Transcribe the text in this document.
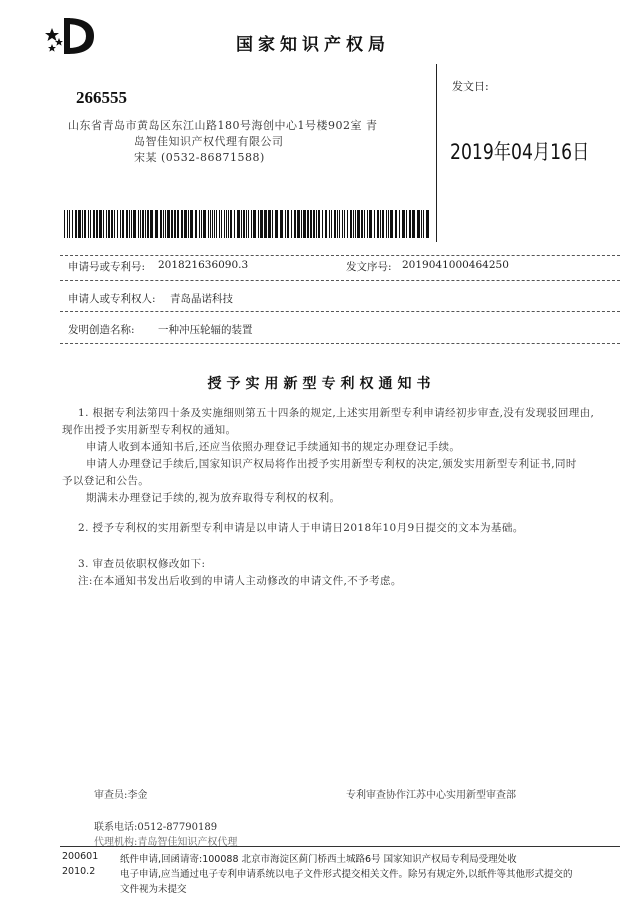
国家知识产权局
266555
山东省青岛市黄岛区东江山路180号海创中心1号楼902室 青
岛智佳知识产权代理有限公司
宋某 (0532-86871588)
发文日:
2019年04月16日
申请号或专利号: 201821636090.3	发文序号: 2019041000464250
申请人或专利权人: 青岛晶诺科技
发明创造名称: 一种冲压轮辐的装置
授予实用新型专利权通知书
1. 根据专利法第四十条及实施细则第五十四条的规定,上述实用新型专利申请经初步审查,没有发现驳回理由,
现作出授予实用新型专利权的通知。
申请人收到本通知书后,还应当依照办理登记手续通知书的规定办理登记手续。
申请人办理登记手续后,国家知识产权局将作出授予实用新型专利权的决定,颁发实用新型专利证书,同时
予以登记和公告。
期满未办理登记手续的,视为放弃取得专利权的权利。
2. 授予专利权的实用新型专利申请是以申请人于申请日2018年10月9日提交的文本为基础。
3. 审查员依职权修改如下:
注:在本通知书发出后收到的申请人主动修改的申请文件,不予考虑。
审查员:李金	专利审查协作江苏中心实用新型审查部
联系电话:0512-87790189
代理机构:青岛智佳知识产权代理
200601
2010.2
纸件申请,回函请寄:100088 北京市海淀区蓟门桥西土城路6号 国家知识产权局专利局受理处收
电子申请,应当通过电子专利申请系统以电子文件形式提交相关文件。除另有规定外,以纸件等其他形式提交的
文件视为未提交
